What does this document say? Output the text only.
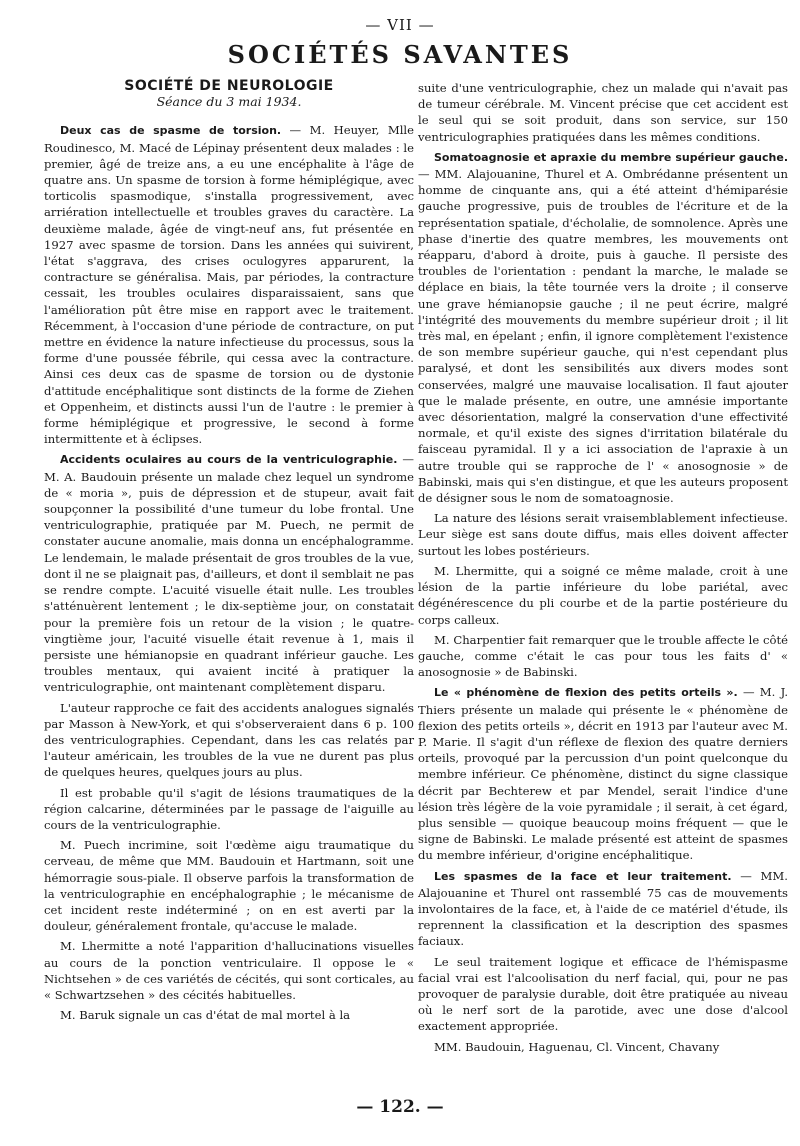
— VII —
SOCIÉTÉS SAVANTES
SOCIÉTÉ DE NEUROLOGIE
Séance du 3 mai 1934.

Deux cas de spasme de torsion. — M. Heuyer, Mlle Roudinesco, M. Macé de Lépinay présentent deux malades : le premier, âgé de treize ans, a eu une encéphalite à l'âge de quatre ans. Un spasme de torsion à forme hémiplégique, avec torticolis spasmodique, s'installa progressivement, avec arriération intellectuelle et troubles graves du caractère. La deuxième malade, âgée de vingt-neuf ans, fut présentée en 1927 avec spasme de torsion. Dans les années qui suivirent, l'état s'aggrava, des crises oculogyres apparurent, la contracture se généralisa. Mais, par périodes, la contracture cessait, les troubles oculaires disparaissaient, sans que l'amélioration pût être mise en rapport avec le traitement. Récemment, à l'occasion d'une période de contracture, on put mettre en évidence la nature infectieuse du processus, sous la forme d'une poussée fébrile, qui cessa avec la contracture. Ainsi ces deux cas de spasme de torsion ou de dystonie d'attitude encéphalitique sont distincts de la forme de Ziehen et Oppenheim, et distincts aussi l'un de l'autre : le premier à forme hémiplégique et progressive, le second à forme intermittente et à éclipses.

Accidents oculaires au cours de la ventriculographie. — M. A. Baudouin présente un malade chez lequel un syndrome de « moria », puis de dépression et de stupeur, avait fait soupçonner la possibilité d'une tumeur du lobe frontal. Une ventriculographie, pratiquée par M. Puech, ne permit de constater aucune anomalie, mais donna un encéphalogramme. Le lendemain, le malade présentait de gros troubles de la vue, dont il ne se plaignait pas, d'ailleurs, et dont il semblait ne pas se rendre compte. L'acuité visuelle était nulle. Les troubles s'atténuèrent lentement ; le dix-septième jour, on constatait pour la première fois un retour de la vision ; le quatre-vingtième jour, l'acuité visuelle était revenue à 1, mais il persiste une hémianopsie en quadrant inférieur gauche. Les troubles mentaux, qui avaient incité à pratiquer la ventriculographie, ont maintenant complètement disparu.

L'auteur rapproche ce fait des accidents analogues signalés par Masson à New-York, et qui s'observeraient dans 6 p. 100 des ventriculographies. Cependant, dans les cas relatés par l'auteur américain, les troubles de la vue ne durent pas plus de quelques heures, quelques jours au plus.

Il est probable qu'il s'agit de lésions traumatiques de la région calcarine, déterminées par le passage de l'aiguille au cours de la ventriculographie.

M. Puech incrimine, soit l'œdème aigu traumatique du cerveau, de même que MM. Baudouin et Hartmann, soit une hémorragie sous-piale. Il observe parfois la transformation de la ventriculographie en encéphalographie ; le mécanisme de cet incident reste indéterminé ; on en est averti par la douleur, généralement frontale, qu'accuse le malade.

M. Lhermitte a noté l'apparition d'hallucinations visuelles au cours de la ponction ventriculaire. Il oppose le « Nichtsehen » de ces variétés de cécités, qui sont corticales, au « Schwartzsehen » des cécités habituelles.

M. Baruk signale un cas d'état de mal mortel à la

suite d'une ventriculographie, chez un malade qui n'avait pas de tumeur cérébrale. M. Vincent précise que cet accident est le seul qui se soit produit, dans son service, sur 150 ventriculographies pratiquées dans les mêmes conditions.

Somatoagnosie et apraxie du membre supérieur gauche. — MM. Alajouanine, Thurel et A. Ombrédanne présentent un homme de cinquante ans, qui a été atteint d'hémiparésie gauche progressive, puis de troubles de l'écriture et de la représentation spatiale, d'écholalie, de somnolence. Après une phase d'inertie des quatre membres, les mouvements ont réapparu, d'abord à droite, puis à gauche. Il persiste des troubles de l'orientation : pendant la marche, le malade se déplace en biais, la tête tournée vers la droite ; il conserve une grave hémianopsie gauche ; il ne peut écrire, malgré l'intégrité des mouvements du membre supérieur droit ; il lit très mal, en épelant ; enfin, il ignore complètement l'existence de son membre supérieur gauche, qui n'est cependant plus paralysé, et dont les sensibilités aux divers modes sont conservées, malgré une mauvaise localisation. Il faut ajouter que le malade présente, en outre, une amnésie importante avec désorientation, malgré la conservation d'une effectivité normale, et qu'il existe des signes d'irritation bilatérale du faisceau pyramidal. Il y a ici association de l'apraxie à un autre trouble qui se rapproche de l' « anosognosie » de Babinski, mais qui s'en distingue, et que les auteurs proposent de désigner sous le nom de somatoagnosie.

La nature des lésions serait vraisemblablement infectieuse. Leur siège est sans doute diffus, mais elles doivent affecter surtout les lobes postérieurs.

M. Lhermitte, qui a soigné ce même malade, croit à une lésion de la partie inférieure du lobe pariétal, avec dégénérescence du pli courbe et de la partie postérieure du corps calleux.

M. Charpentier fait remarquer que le trouble affecte le côté gauche, comme c'était le cas pour tous les faits d' « anosognosie » de Babinski.

Le « phénomène de flexion des petits orteils ». — M. J. Thiers présente un malade qui présente le « phénomène de flexion des petits orteils », décrit en 1913 par l'auteur avec M. P. Marie. Il s'agit d'un réflexe de flexion des quatre derniers orteils, provoqué par la percussion d'un point quelconque du membre inférieur. Ce phénomène, distinct du signe classique décrit par Bechterew et par Mendel, serait l'indice d'une lésion très légère de la voie pyramidale ; il serait, à cet égard, plus sensible — quoique beaucoup moins fréquent — que le signe de Babinski. Le malade présenté est atteint de spasmes du membre inférieur, d'origine encéphalitique.

Les spasmes de la face et leur traitement. — MM. Alajouanine et Thurel ont rassemblé 75 cas de mouvements involontaires de la face, et, à l'aide de ce matériel d'étude, ils reprennent la classification et la description des spasmes faciaux.

Le seul traitement logique et efficace de l'hémispasme facial vrai est l'alcoolisation du nerf facial, qui, pour ne pas provoquer de paralysie durable, doit être pratiquée au niveau où le nerf sort de la parotide, avec une dose d'alcool exactement appropriée.

MM. Baudouin, Haguenau, Cl. Vincent, Chavany

— 122. —
